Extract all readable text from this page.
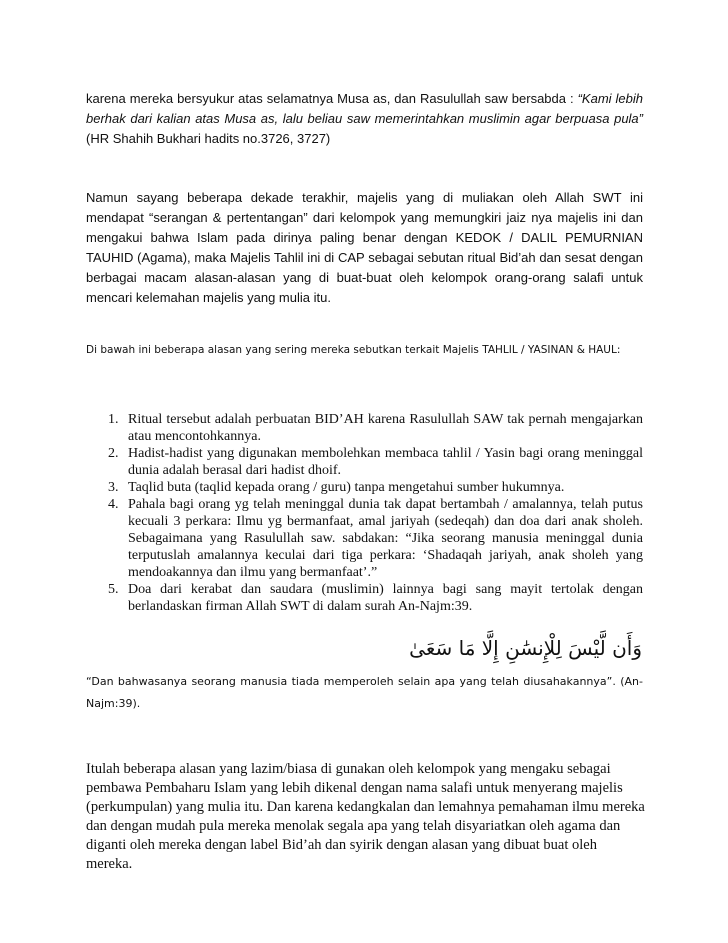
karena mereka bersyukur atas selamatnya Musa as, dan Rasulullah saw bersabda : “Kami lebih berhak dari kalian atas Musa as, lalu beliau saw memerintahkan muslimin agar berpuasa pula” (HR Shahih Bukhari hadits no.3726, 3727)

Namun sayang beberapa dekade terakhir, majelis yang di muliakan oleh Allah SWT ini mendapat “serangan & pertentangan” dari kelompok yang memungkiri jaiz nya majelis ini dan mengakui bahwa Islam pada dirinya paling benar dengan KEDOK / DALIL PEMURNIAN TAUHID (Agama), maka Majelis Tahlil ini di CAP sebagai sebutan ritual Bid’ah dan sesat dengan berbagai macam alasan-alasan yang di buat-buat oleh kelompok orang-orang salafi untuk mencari kelemahan majelis yang mulia itu.

Di bawah ini beberapa alasan yang sering mereka sebutkan terkait Majelis TAHLIL / YASINAN & HAUL:

1. Ritual tersebut adalah perbuatan BID’AH karena Rasulullah SAW tak pernah mengajarkan atau mencontohkannya.
2. Hadist-hadist yang digunakan membolehkan membaca tahlil / Yasin bagi orang meninggal dunia adalah berasal dari hadist dhoif.
3. Taqlid buta (taqlid kepada orang / guru) tanpa mengetahui sumber hukumnya.
4. Pahala bagi orang yg telah meninggal dunia tak dapat bertambah / amalannya, telah putus kecuali 3 perkara: Ilmu yg bermanfaat, amal jariyah (sedeqah) dan doa dari anak sholeh. Sebagaimana yang Rasulullah saw. sabdakan: “Jika seorang manusia meninggal dunia terputuslah amalannya keculai dari tiga perkara: ‘Shadaqah jariyah, anak sholeh yang mendoakannya dan ilmu yang bermanfaat’.”
5. Doa dari kerabat dan saudara (muslimin) lainnya bagi sang mayit tertolak dengan berlandaskan firman Allah SWT di dalam surah An-Najm:39.

وَأَن لَّيْسَ لِلْإِنسَٰنِ إِلَّا مَا سَعَىٰ

“Dan bahwasanya seorang manusia tiada memperoleh selain apa yang telah diusahakannya”. (An-Najm:39).

Itulah beberapa alasan yang lazim/biasa di gunakan oleh kelompok yang mengaku sebagai pembawa Pembaharu Islam yang lebih dikenal dengan nama salafi untuk menyerang majelis (perkumpulan) yang mulia itu. Dan karena kedangkalan dan lemahnya pemahaman ilmu mereka dan dengan mudah pula mereka menolak segala apa yang telah disyariatkan oleh agama dan diganti oleh mereka dengan label Bid’ah dan syirik dengan alasan yang dibuat buat oleh mereka.
